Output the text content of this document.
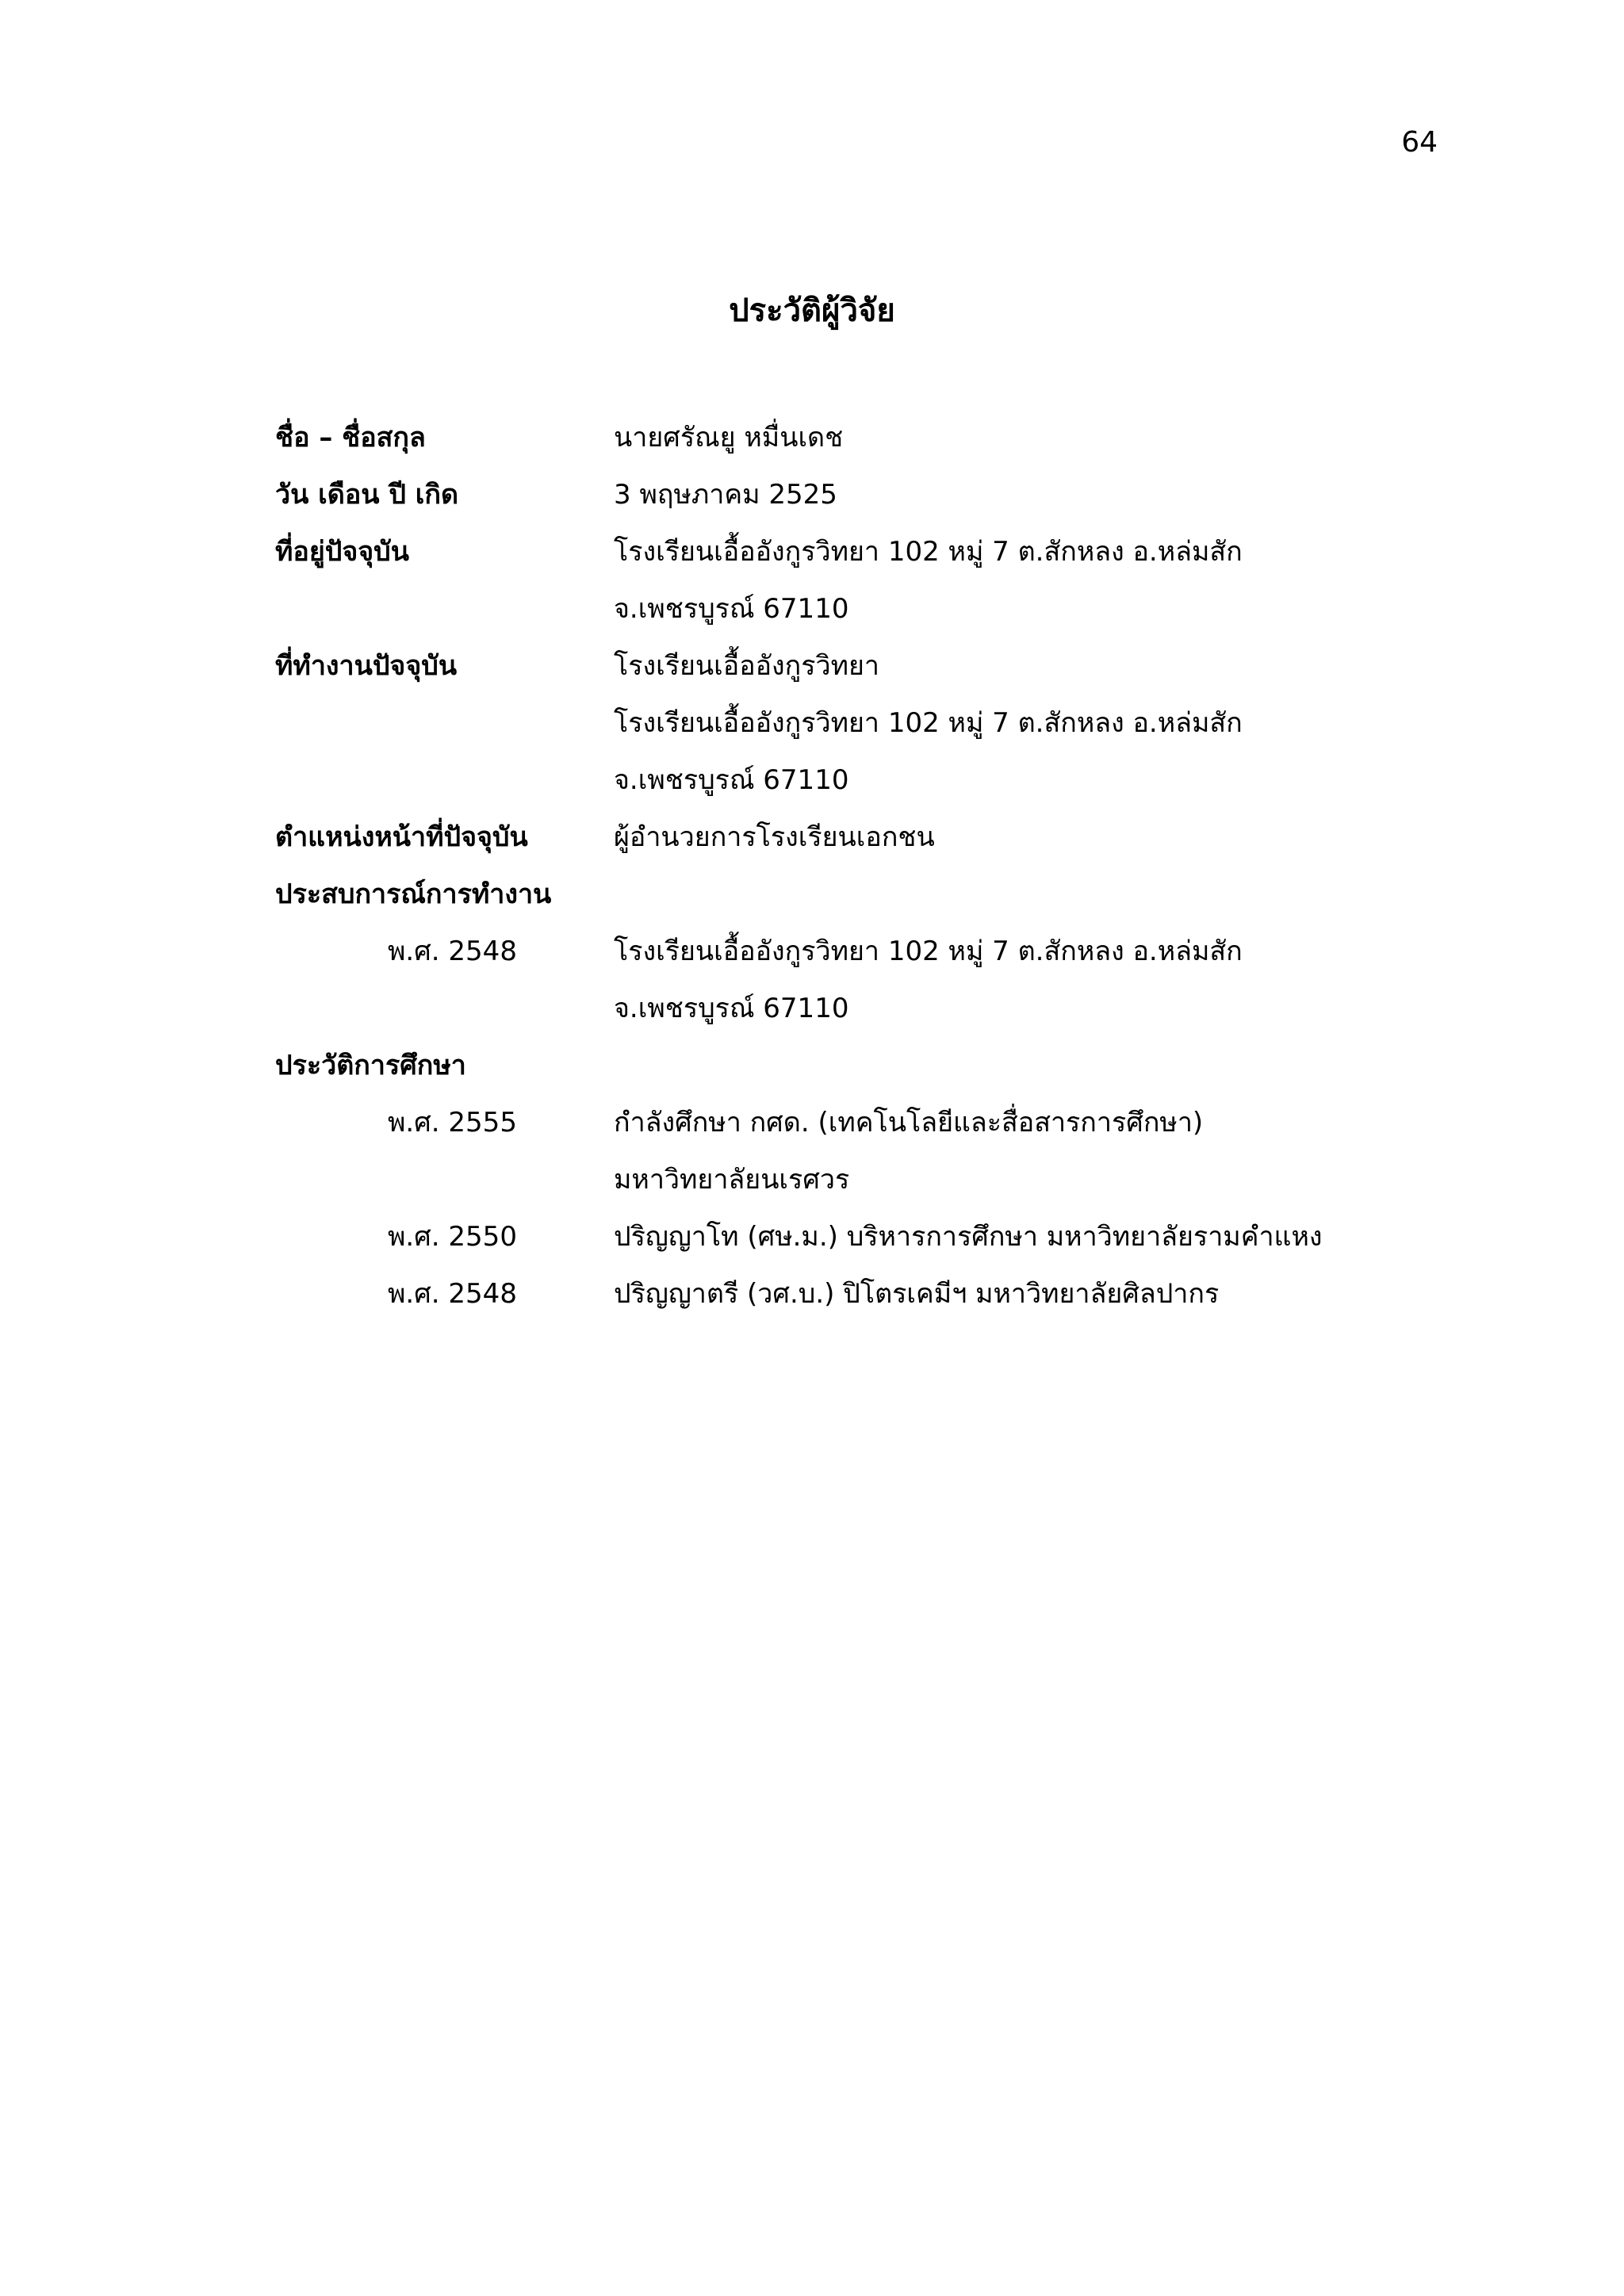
64
ประวัติผู้วิจัย
ชื่อ – ชื่อสกุล	นายศรัณยู หมื่นเดช
วัน เดือน ปี เกิด	3 พฤษภาคม 2525
ที่อยู่ปัจจุบัน	โรงเรียนเอื้ออังกูรวิทยา 102 หมู่ 7 ต.สักหลง อ.หล่มสัก
จ.เพชรบูรณ์ 67110
ที่ทำงานปัจจุบัน	โรงเรียนเอื้ออังกูรวิทยา
โรงเรียนเอื้ออังกูรวิทยา 102 หมู่ 7 ต.สักหลง อ.หล่มสัก
จ.เพชรบูรณ์ 67110
ตำแหน่งหน้าที่ปัจจุบัน	ผู้อำนวยการโรงเรียนเอกชน
ประสบการณ์การทำงาน
พ.ศ. 2548	โรงเรียนเอื้ออังกูรวิทยา 102 หมู่ 7 ต.สักหลง อ.หล่มสัก
จ.เพชรบูรณ์ 67110
ประวัติการศึกษา
พ.ศ. 2555	กำลังศึกษา กศด. (เทคโนโลยีและสื่อสารการศึกษา)
มหาวิทยาลัยนเรศวร
พ.ศ. 2550	ปริญญาโท (ศษ.ม.) บริหารการศึกษา มหาวิทยาลัยรามคำแหง
พ.ศ. 2548	ปริญญาตรี (วศ.บ.) ปิโตรเคมีฯ มหาวิทยาลัยศิลปากร
